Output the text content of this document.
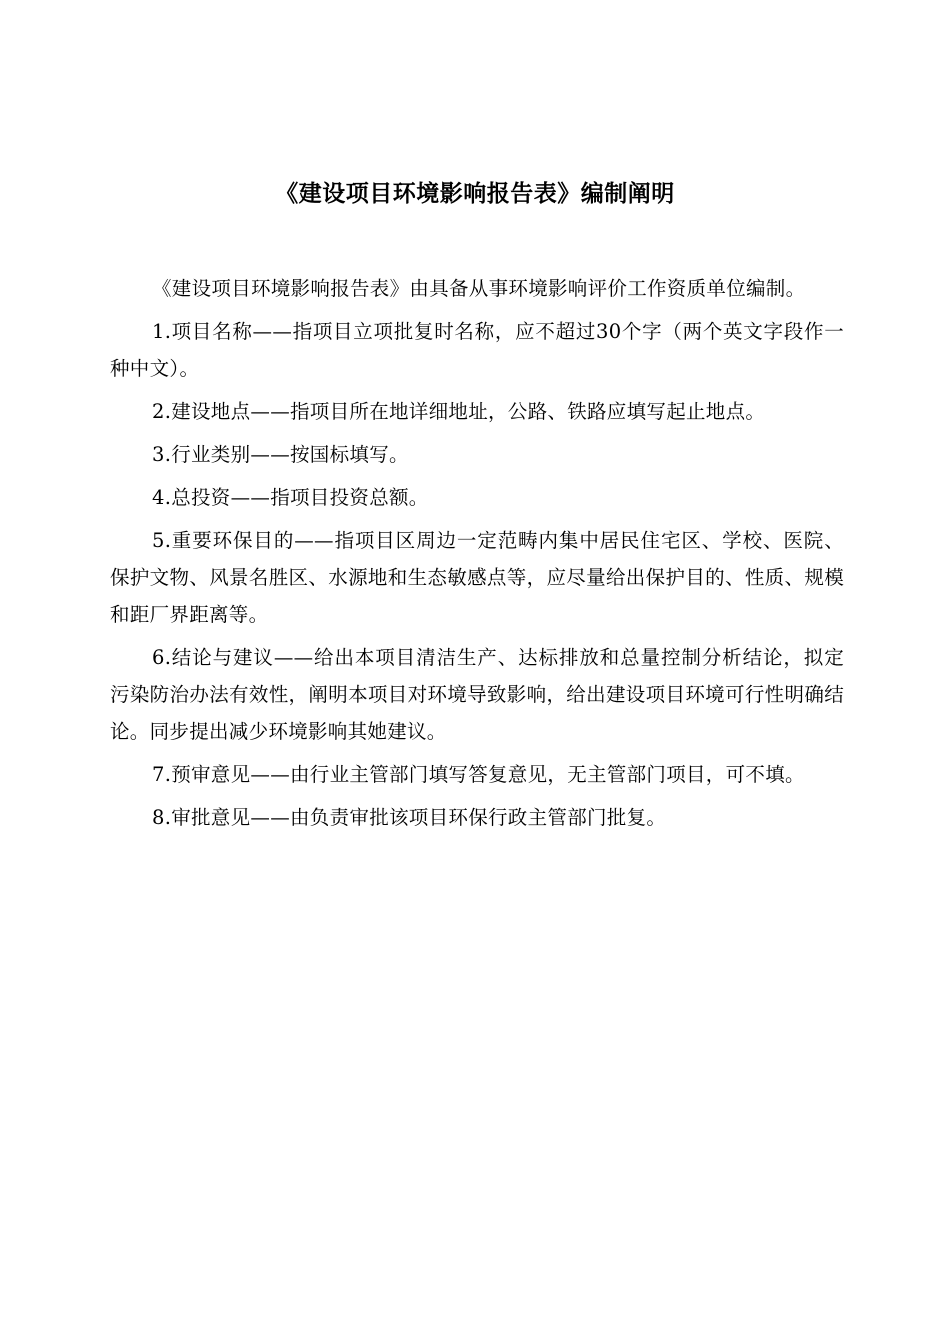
《建设项目环境影响报告表》编制阐明

《建设项目环境影响报告表》由具备从事环境影响评价工作资质单位编制。

1.项目名称——指项目立项批复时名称，应不超过30个字（两个英文字段作一种中文）。

2.建设地点——指项目所在地详细地址，公路、铁路应填写起止地点。

3.行业类别——按国标填写。

4.总投资——指项目投资总额。

5.重要环保目的——指项目区周边一定范畴内集中居民住宅区、学校、医院、保护文物、风景名胜区、水源地和生态敏感点等，应尽量给出保护目的、性质、规模和距厂界距离等。

6.结论与建议——给出本项目清洁生产、达标排放和总量控制分析结论，拟定污染防治办法有效性，阐明本项目对环境导致影响，给出建设项目环境可行性明确结论。同步提出减少环境影响其她建议。

7.预审意见——由行业主管部门填写答复意见，无主管部门项目，可不填。

8.审批意见——由负责审批该项目环保行政主管部门批复。
